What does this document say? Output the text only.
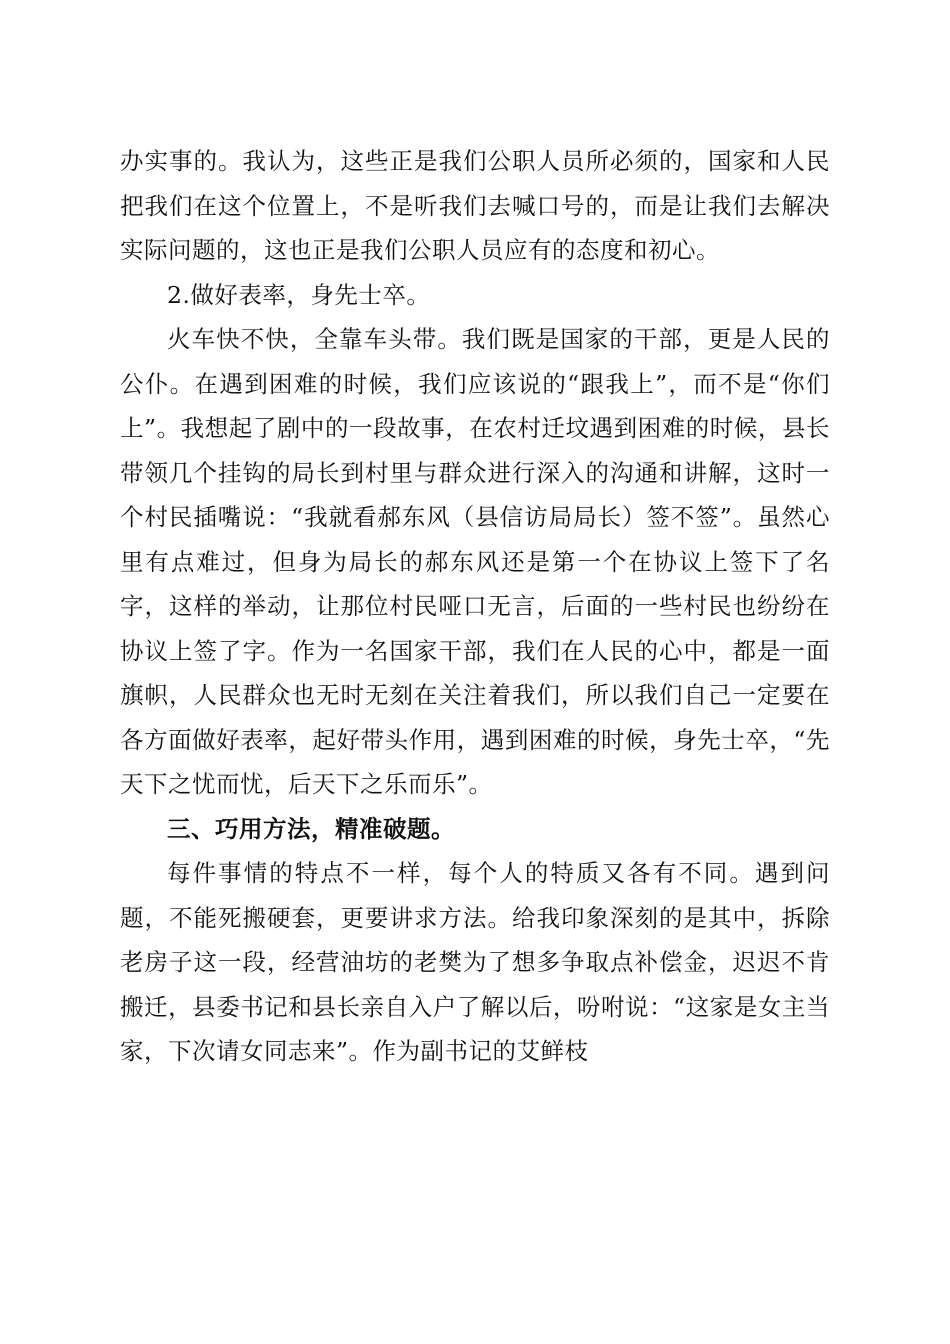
办实事的。我认为，这些正是我们公职人员所必须的，国家和人民把我们在这个位置上，不是听我们去喊口号的，而是让我们去解决实际问题的，这也正是我们公职人员应有的态度和初心。

2.做好表率，身先士卒。

火车快不快，全靠车头带。我们既是国家的干部，更是人民的公仆。在遇到困难的时候，我们应该说的“跟我上”，而不是“你们上”。我想起了剧中的一段故事，在农村迁坟遇到困难的时候，县长带领几个挂钩的局长到村里与群众进行深入的沟通和讲解，这时一个村民插嘴说：“我就看郝东风（县信访局局长）签不签”。虽然心里有点难过，但身为局长的郝东风还是第一个在协议上签下了名字，这样的举动，让那位村民哑口无言，后面的一些村民也纷纷在协议上签了字。作为一名国家干部，我们在人民的心中，都是一面旗帜，人民群众也无时无刻在关注着我们，所以我们自己一定要在各方面做好表率，起好带头作用，遇到困难的时候，身先士卒，“先天下之忧而忧，后天下之乐而乐”。

三、巧用方法，精准破题。

每件事情的特点不一样，每个人的特质又各有不同。遇到问题，不能死搬硬套，更要讲求方法。给我印象深刻的是其中，拆除老房子这一段，经营油坊的老樊为了想多争取点补偿金，迟迟不肯搬迁，县委书记和县长亲自入户了解以后，吩咐说：“这家是女主当家，下次请女同志来”。作为副书记的艾鲜枝
